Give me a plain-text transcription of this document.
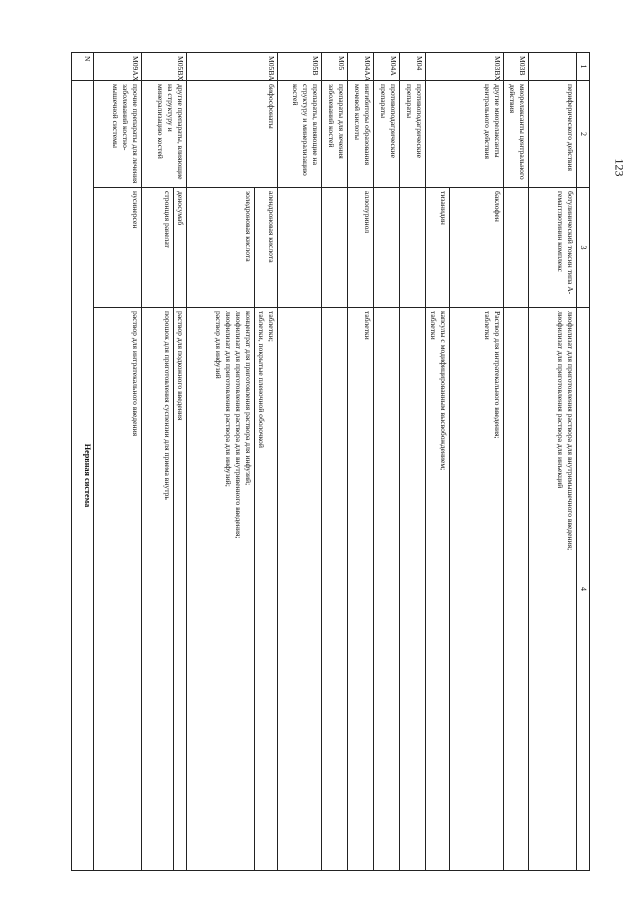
123
1	2	3	4
	периферического действия	ботулинический токсин типа А-гемагглютинин комплекс	лиофилизат для приготовления раствора для внутримышечного введения;
лиофилизат для приготовления раствора для инъекций

M03B	миорелаксанты центрального действия		
M03BX	другие миорелаксанты центрального действия	баклофен	Раствор для интратекального введения;
таблетки

		тизанидин	капсулы с модифицированным высвобождением;
таблетки

M04	противоподагрические препараты		
M04A	противоподагрические препараты		
M04AA	ингибиторы образования мочевой кислоты	аллопуринол	таблетки

M05	препараты для лечения заболеваний костей		
M05B	препараты, влияющие на структуру и минерализацию костей		
M05BA	бифосфонаты	алендроновая кислота	таблетки;
таблетки, покрытые пленочной оболочкой

		золедроновая кислота	концентрат для приготовления раствора для инфузий;
лиофилизат для приготовления раствора для внутривенного введения;
лиофилизат для приготовления раствора для инфузий;
раствор для инфузий

M05BX	другие препараты, влияющие на структуру и минерализацию костей	деносумаб	раствор для подкожного введения

		стронция ранелат	порошок для приготовления суспензии для приема внутрь

M09AX	прочие препараты для лечения заболеваний костно-мышечной системы	нусинерсен	раствор для интратекального введения

N	Нервная система		
